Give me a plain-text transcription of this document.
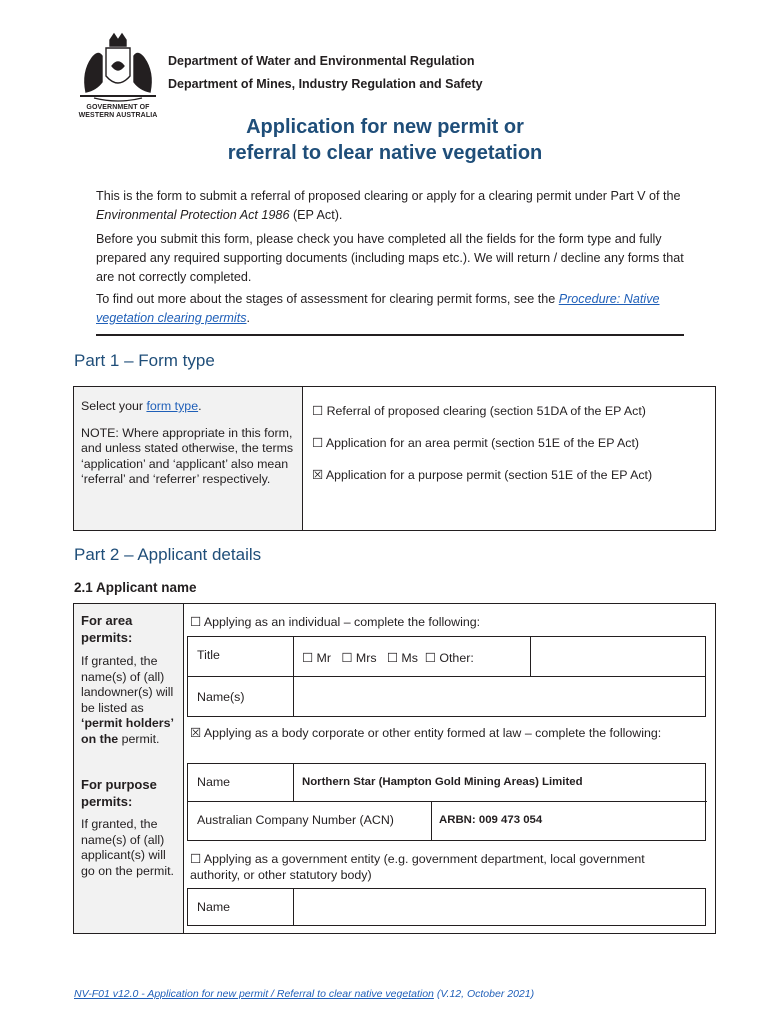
GOVERNMENT OF
WESTERN AUSTRALIA
Department of Water and Environmental Regulation
Department of Mines, Industry Regulation and Safety
Application for new permit or
referral to clear native vegetation

This is the form to submit a referral of proposed clearing or apply for a clearing permit under Part V of the Environmental Protection Act 1986 (EP Act).

Before you submit this form, please check you have completed all the fields for the form type and fully prepared any required supporting documents (including maps etc.). We will return / decline any forms that are not correctly completed.

To find out more about the stages of assessment for clearing permit forms, see the Procedure: Native vegetation clearing permits.

Part 1 – Form type

Select your form type.

NOTE: Where appropriate in this form, and unless stated otherwise, the terms ‘application’ and ‘applicant’ also mean ‘referral’ and ‘referrer’ respectively.

☐ Referral of proposed clearing (section 51DA of the EP Act)
☐ Application for an area permit (section 51E of the EP Act)
☒ Application for a purpose permit (section 51E of the EP Act)
Part 2 – Applicant details
2.1 Applicant name
For area permits:
If granted, the name(s) of (all) landowner(s) will be listed as ‘permit holders’ on the permit.
For purpose permits:
If granted, the name(s) of (all) applicant(s) will go on the permit.
☐ Applying as an individual – complete the following:
Title	☐ Mr   ☐ Mrs   ☐ Ms  ☐ Other:
Name(s)
☒ Applying as a body corporate or other entity formed at law – complete the following:
Name	Northern Star (Hampton Gold Mining Areas) Limited
Australian Company Number (ACN)	ARBN: 009 473 054
☐ Applying as a government entity (e.g. government department, local government authority, or other statutory body)
Name
NV-F01 v12.0 - Application for new permit / Referral to clear native vegetation (V.12, October 2021)
